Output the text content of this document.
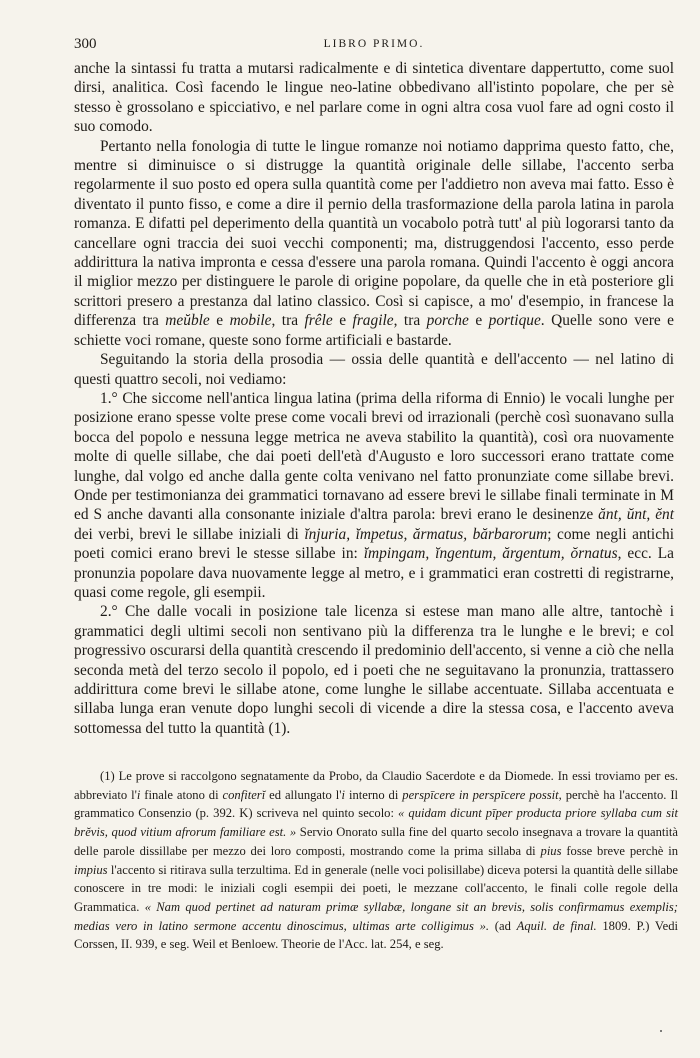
300	LIBRO PRIMO.

anche la sintassi fu tratta a mutarsi radicalmente e di sintetica diventare dappertutto, come suol dirsi, analitica. Così facendo le lingue neo-latine obbedivano all'istinto popolare, che per sè stesso è grossolano e spicciativo, e nel parlare come in ogni altra cosa vuol fare ad ogni costo il suo comodo.

Pertanto nella fonologia di tutte le lingue romanze noi notiamo dapprima questo fatto, che, mentre si diminuisce o si distrugge la quantità originale delle sillabe, l'accento serba regolarmente il suo posto ed opera sulla quantità come per l'addietro non aveva mai fatto. Esso è diventato il punto fisso, e come a dire il pernio della trasformazione della parola latina in parola romanza. E difatti pel deperimento della quantità un vocabolo potrà tutt' al più logorarsi tanto da cancellare ogni traccia dei suoi vecchi componenti; ma, distruggendosi l'accento, esso perde addirittura la nativa impronta e cessa d'essere una parola romana. Quindi l'accento è oggi ancora il miglior mezzo per distinguere le parole di origine popolare, da quelle che in età posteriore gli scrittori presero a prestanza dal latino classico. Così si capisce, a mo' d'esempio, in francese la differenza tra meŭble e mobile, tra frêle e fragile, tra porche e portique. Quelle sono vere e schiette voci romane, queste sono forme artificiali e bastarde.

Seguitando la storia della prosodia — ossia delle quantità e dell'accento — nel latino di questi quattro secoli, noi vediamo:

1.° Che siccome nell'antica lingua latina (prima della riforma di Ennio) le vocali lunghe per posizione erano spesse volte prese come vocali brevi od irrazionali (perchè così suonavano sulla bocca del popolo e nessuna legge metrica ne aveva stabilito la quantità), così ora nuovamente molte di quelle sillabe, che dai poeti dell'età d'Augusto e loro successori erano trattate come lunghe, dal volgo ed anche dalla gente colta venivano nel fatto pronunziate come sillabe brevi. Onde per testimonianza dei grammatici tornavano ad essere brevi le sillabe finali terminate in M ed S anche davanti alla consonante iniziale d'altra parola: brevi erano le desinenze ănt, ŭnt, ĕnt dei verbi, brevi le sillabe iniziali di ĭnjuria, ĭmpetus, ărmatus, bărbarorum; come negli antichi poeti comici erano brevi le stesse sillabe in: ĭmpingam, ĭngentum, ărgentum, ŏrnatus, ecc. La pronunzia popolare dava nuovamente legge al metro, e i grammatici eran costretti di registrarne, quasi come regole, gli esempii.

2.° Che dalle vocali in posizione tale licenza si estese man mano alle altre, tantochè i grammatici degli ultimi secoli non sentivano più la differenza tra le lunghe e le brevi; e col progressivo oscurarsi della quantità crescendo il predominio dell'accento, si venne a ciò che nella seconda metà del terzo secolo il popolo, ed i poeti che ne seguitavano la pronunzia, trattassero addirittura come brevi le sillabe atone, come lunghe le sillabe accentuate. Sillaba accentuata e sillaba lunga eran venute dopo lunghi secoli di vicende a dire la stessa cosa, e l'accento aveva sottomessa del tutto la quantità (1).

(1) Le prove si raccolgono segnatamente da Probo, da Claudio Sacerdote e da Diomede. In essi troviamo per es. abbreviato l'i finale atono di confiterĭ ed allungato l'i interno di perspīcere in perspīcere possit, perchè ha l'accento. Il grammatico Consenzio (p. 392. K) scriveva nel quinto secolo: « quidam dicunt pīper producta priore syllaba cum sit brĕvis, quod vitium afrorum familiare est. » Servio Onorato sulla fine del quarto secolo insegnava a trovare la quantità delle parole dissillabe per mezzo dei loro composti, mostrando come la prima sillaba di pius fosse breve perchè in impius l'accento si ritirava sulla terzultima. Ed in generale (nelle voci polisillabe) diceva potersi la quantità delle sillabe conoscere in tre modi: le iniziali cogli esempii dei poeti, le mezzane coll'accento, le finali colle regole della Grammatica. « Nam quod pertinet ad naturam primæ syllabæ, longane sit an brevis, solis confirmamus exemplis; medias vero in latino sermone accentu dinoscimus, ultimas arte colligimus ». (ad Aquil. de final. 1809. P.) Vedi Corssen, II. 939, e seg. Weil et Benloew. Theorie de l'Acc. lat. 254, e seg.
